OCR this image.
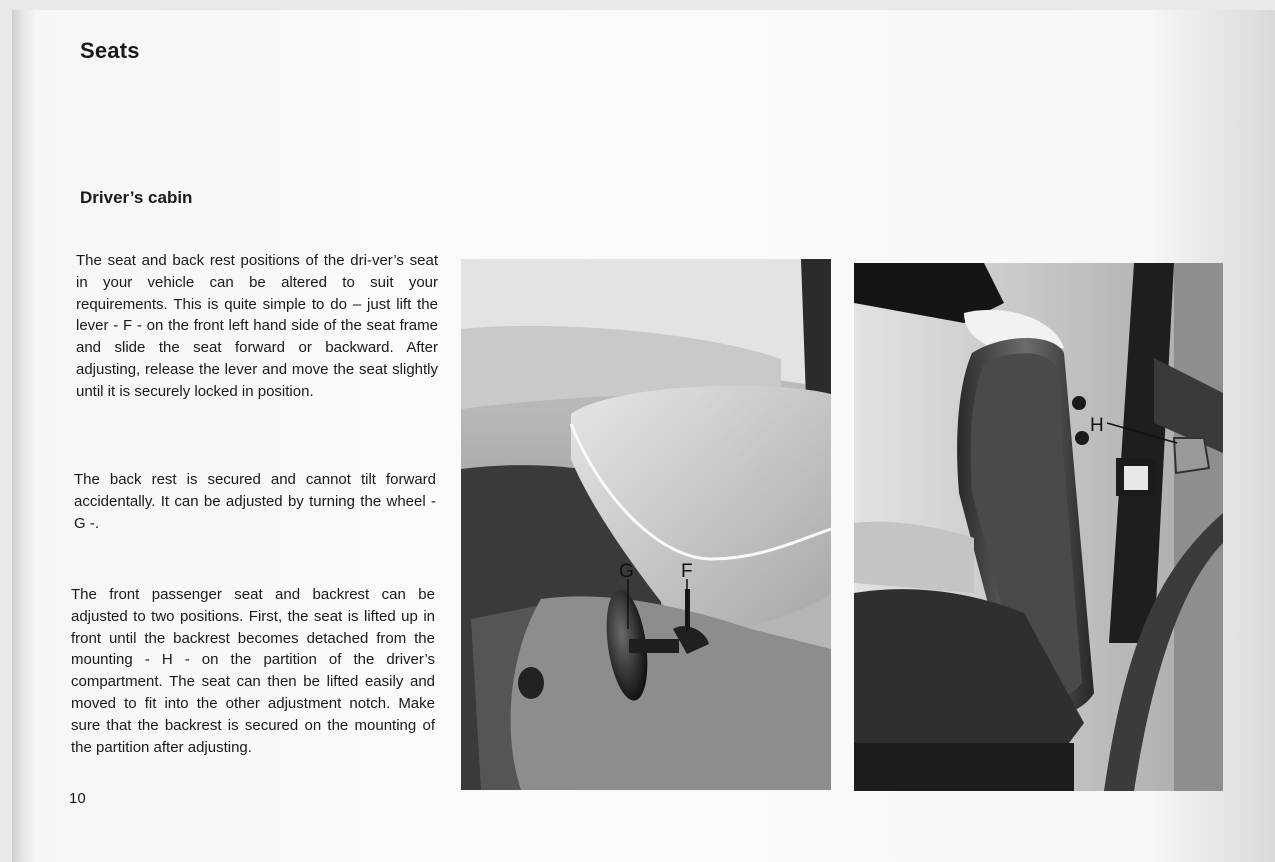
Seats
Driver’s cabin

The seat and back rest positions of the dri-ver’s seat in your vehicle can be altered to suit your requirements. This is quite simple to do – just lift the lever - F - on the front left hand side of the seat frame and slide the seat forward or backward. After adjusting, release the lever and move the seat slightly until it is securely locked in position.

The back rest is secured and cannot tilt forward accidentally. It can be adjusted by turning the wheel - G -.

The front passenger seat and backrest can be adjusted to two positions. First, the seat is lifted up in front until the backrest becomes detached from the mounting - H - on the partition of the driver’s compartment. The seat can then be lifted easily and moved to fit into the other adjustment notch. Make sure that the backrest is secured on the mounting of the partition after adjusting.

10
G F
H
